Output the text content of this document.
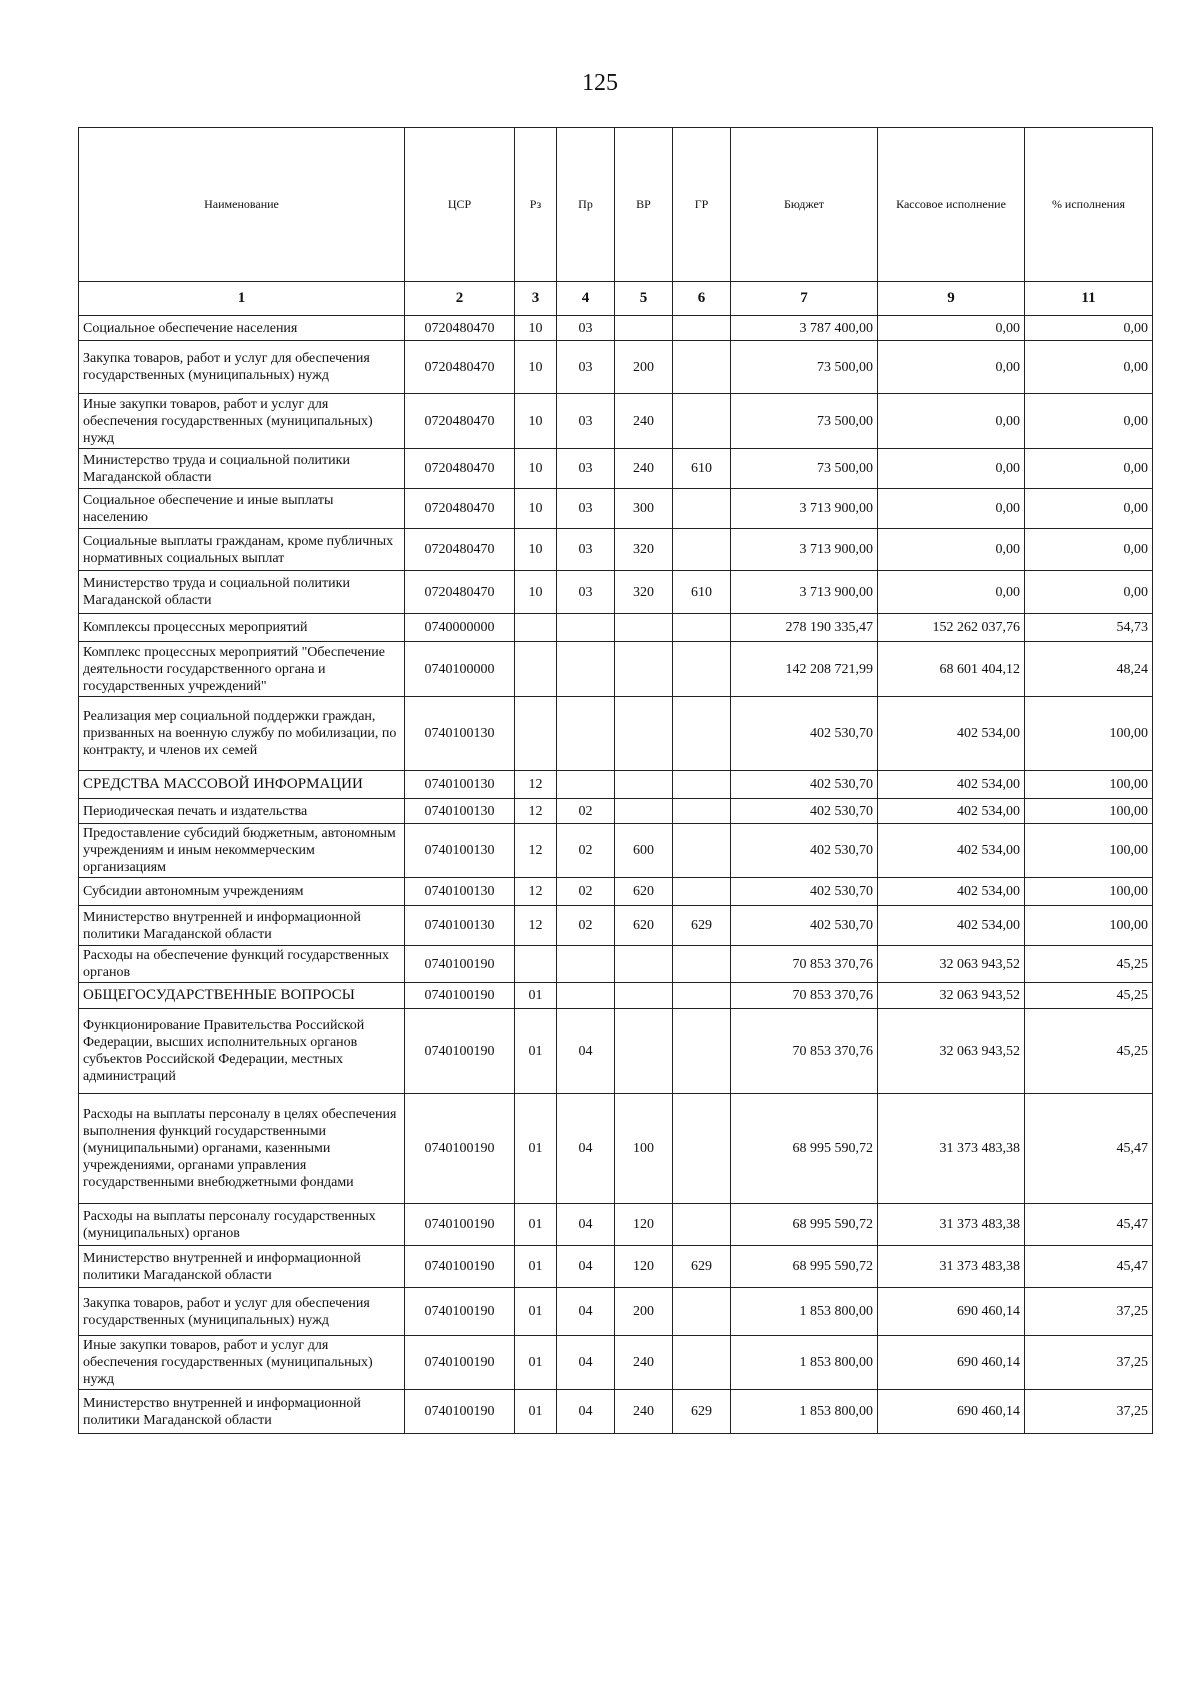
125
Наименование	ЦСР	Рз	Пр	ВР	ГР	Бюджет	Кассовое исполнение	% исполнения
1	2	3	4	5	6	7	9	11
Социальное обеспечение населения	0720480470	10	03			3 787 400,00	0,00	0,00
Закупка товаров, работ и услуг для обеспечения государственных (муниципальных) нужд	0720480470	10	03	200		73 500,00	0,00	0,00
Иные закупки товаров, работ и услуг для обеспечения государственных (муниципальных) нужд	0720480470	10	03	240		73 500,00	0,00	0,00
Министерство труда и социальной политики Магаданской области	0720480470	10	03	240	610	73 500,00	0,00	0,00
Социальное обеспечение и иные выплаты населению	0720480470	10	03	300		3 713 900,00	0,00	0,00
Социальные выплаты гражданам, кроме публичных нормативных социальных выплат	0720480470	10	03	320		3 713 900,00	0,00	0,00
Министерство труда и социальной политики Магаданской области	0720480470	10	03	320	610	3 713 900,00	0,00	0,00
Комплексы процессных мероприятий	0740000000					278 190 335,47	152 262 037,76	54,73
Комплекс процессных мероприятий "Обеспечение деятельности государственного органа и государственных учреждений"	0740100000					142 208 721,99	68 601 404,12	48,24
Реализация мер социальной поддержки граждан, призванных на военную службу по мобилизации, по контракту, и членов их семей	0740100130					402 530,70	402 534,00	100,00
СРЕДСТВА МАССОВОЙ ИНФОРМАЦИИ	0740100130	12				402 530,70	402 534,00	100,00
Периодическая печать и издательства	0740100130	12	02			402 530,70	402 534,00	100,00
Предоставление субсидий бюджетным, автономным учреждениям и иным некоммерческим организациям	0740100130	12	02	600		402 530,70	402 534,00	100,00
Субсидии автономным учреждениям	0740100130	12	02	620		402 530,70	402 534,00	100,00
Министерство внутренней и информационной политики Магаданской области	0740100130	12	02	620	629	402 530,70	402 534,00	100,00
Расходы на обеспечение функций государственных органов	0740100190					70 853 370,76	32 063 943,52	45,25
ОБЩЕГОСУДАРСТВЕННЫЕ ВОПРОСЫ	0740100190	01				70 853 370,76	32 063 943,52	45,25
Функционирование Правительства Российской Федерации, высших исполнительных органов субъектов Российской Федерации, местных администраций	0740100190	01	04			70 853 370,76	32 063 943,52	45,25
Расходы на выплаты персоналу в целях обеспечения выполнения функций государственными (муниципальными) органами, казенными учреждениями, органами управления государственными внебюджетными фондами	0740100190	01	04	100		68 995 590,72	31 373 483,38	45,47
Расходы на выплаты персоналу государственных (муниципальных) органов	0740100190	01	04	120		68 995 590,72	31 373 483,38	45,47
Министерство внутренней и информационной политики Магаданской области	0740100190	01	04	120	629	68 995 590,72	31 373 483,38	45,47
Закупка товаров, работ и услуг для обеспечения государственных (муниципальных) нужд	0740100190	01	04	200		1 853 800,00	690 460,14	37,25
Иные закупки товаров, работ и услуг для обеспечения государственных (муниципальных) нужд	0740100190	01	04	240		1 853 800,00	690 460,14	37,25
Министерство внутренней и информационной политики Магаданской области	0740100190	01	04	240	629	1 853 800,00	690 460,14	37,25
